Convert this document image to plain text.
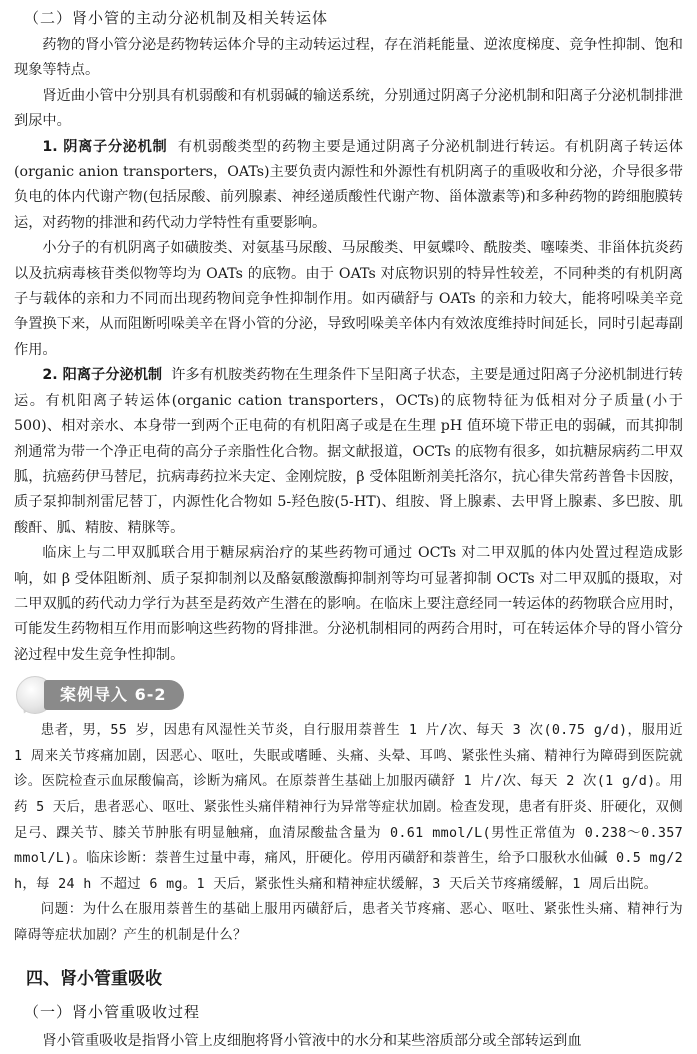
（二）肾小管的主动分泌机制及相关转运体

药物的肾小管分泌是药物转运体介导的主动转运过程，存在消耗能量、逆浓度梯度、竞争性抑制、饱和现象等特点。

肾近曲小管中分别具有机弱酸和有机弱碱的输送系统，分别通过阴离子分泌机制和阳离子分泌机制排泄到尿中。

1. 阴离子分泌机制 有机弱酸类型的药物主要是通过阴离子分泌机制进行转运。有机阴离子转运体(organic anion transporters，OATs)主要负责内源性和外源性有机阴离子的重吸收和分泌，介导很多带负电的体内代谢产物(包括尿酸、前列腺素、神经递质酸性代谢产物、甾体激素等)和多种药物的跨细胞膜转运，对药物的排泄和药代动力学特性有重要影响。

小分子的有机阴离子如磺胺类、对氨基马尿酸、马尿酸类、甲氨蝶呤、酰胺类、噻嗪类、非甾体抗炎药以及抗病毒核苷类似物等均为 OATs 的底物。由于 OATs 对底物识别的特异性较差，不同种类的有机阴离子与载体的亲和力不同而出现药物间竞争性抑制作用。如丙磺舒与 OATs 的亲和力较大，能将吲哚美辛竞争置换下来，从而阻断吲哚美辛在肾小管的分泌，导致吲哚美辛体内有效浓度维持时间延长，同时引起毒副作用。

2. 阳离子分泌机制 许多有机胺类药物在生理条件下呈阳离子状态，主要是通过阳离子分泌机制进行转运。有机阳离子转运体(organic cation transporters，OCTs)的底物特征为低相对分子质量(小于 500)、相对亲水、本身带一到两个正电荷的有机阳离子或是在生理 pH 值环境下带正电的弱碱，而其抑制剂通常为带一个净正电荷的高分子亲脂性化合物。据文献报道，OCTs 的底物有很多，如抗糖尿病药二甲双胍，抗癌药伊马替尼，抗病毒药拉米夫定、金刚烷胺，β 受体阻断剂美托洛尔，抗心律失常药普鲁卡因胺，质子泵抑制剂雷尼替丁，内源性化合物如 5-羟色胺(5-HT)、组胺、肾上腺素、去甲肾上腺素、多巴胺、肌酸酐、胍、精胺、精脒等。

临床上与二甲双胍联合用于糖尿病治疗的某些药物可通过 OCTs 对二甲双胍的体内处置过程造成影响，如 β 受体阻断剂、质子泵抑制剂以及酪氨酸激酶抑制剂等均可显著抑制 OCTs 对二甲双胍的摄取，对二甲双胍的药代动力学行为甚至是药效产生潜在的影响。在临床上要注意经同一转运体的药物联合应用时，可能发生药物相互作用而影响这些药物的肾排泄。分泌机制相同的两药合用时，可在转运体介导的肾小管分泌过程中发生竞争性抑制。

案例导入 6-2

患者，男，55 岁，因患有风湿性关节炎，自行服用萘普生 1 片/次、每天 3 次(0.75 g/d)，服用近 1 周来关节疼痛加剧，因恶心、呕吐，失眠或嗜睡、头痛、头晕、耳鸣、紧张性头痛、精神行为障碍到医院就诊。医院检查示血尿酸偏高，诊断为痛风。在原萘普生基础上加服丙磺舒 1 片/次、每天 2 次(1 g/d)。用药 5 天后，患者恶心、呕吐、紧张性头痛伴精神行为异常等症状加剧。检查发现，患者有肝炎、肝硬化，双侧足弓、踝关节、膝关节肿胀有明显触痛，血清尿酸盐含量为 0.61 mmol/L(男性正常值为 0.238～0.357 mmol/L)。临床诊断：萘普生过量中毒，痛风，肝硬化。停用丙磺舒和萘普生，给予口服秋水仙碱 0.5 mg/2 h，每 24 h 不超过 6 mg。1 天后，紧张性头痛和精神症状缓解，3 天后关节疼痛缓解，1 周后出院。

问题：为什么在服用萘普生的基础上服用丙磺舒后，患者关节疼痛、恶心、呕吐、紧张性头痛、精神行为障碍等症状加剧？产生的机制是什么？

四、肾小管重吸收
（一）肾小管重吸收过程

肾小管重吸收是指肾小管上皮细胞将肾小管液中的水分和某些溶质部分或全部转运到血
